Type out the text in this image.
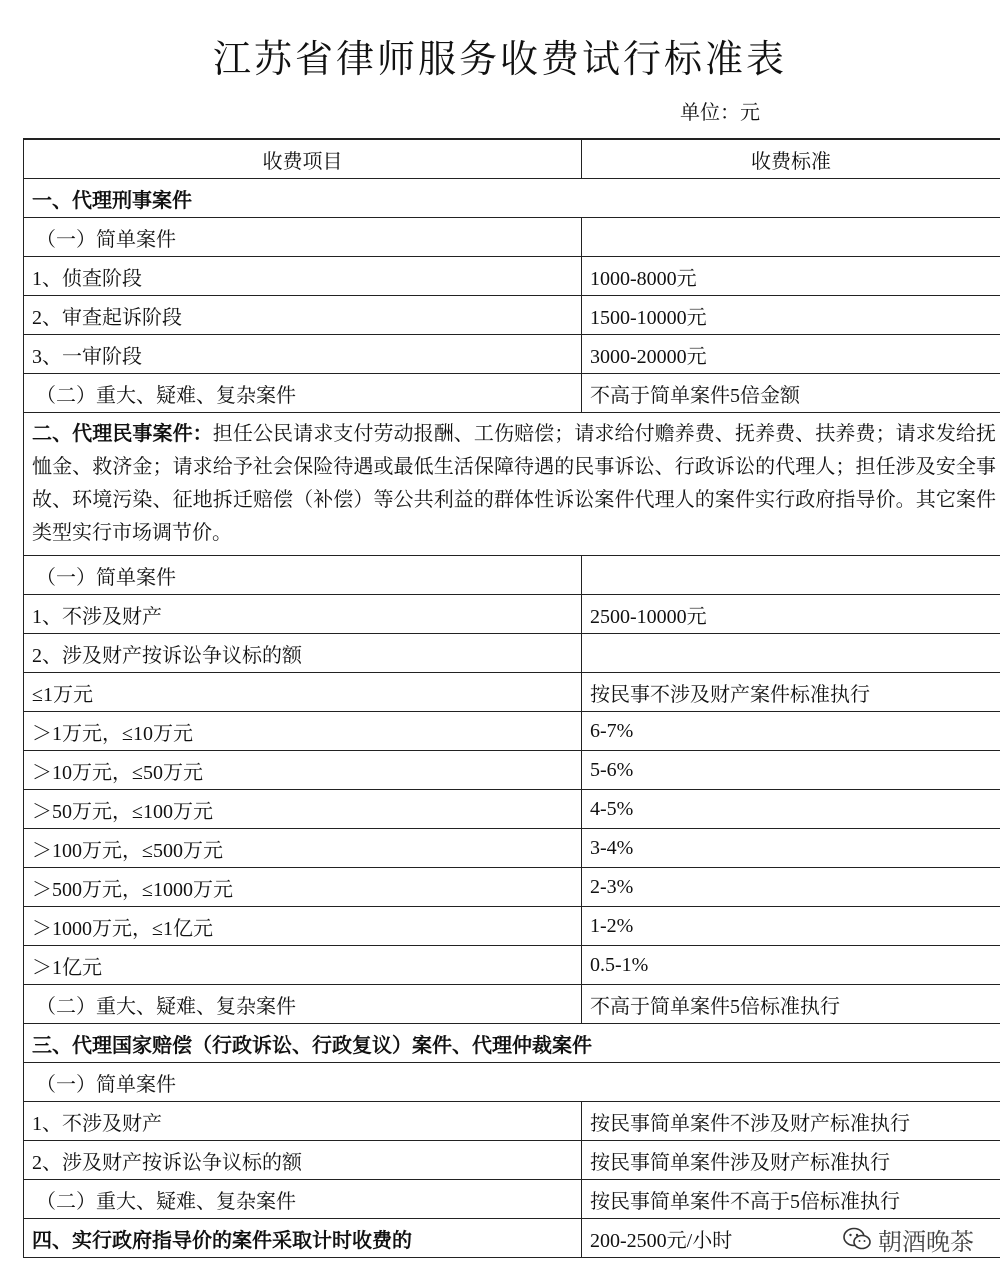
江苏省律师服务收费试行标准表
单位：元
收费项目	收费标准
一、代理刑事案件	
（一）简单案件	
1、侦查阶段	1000-8000元
2、审查起诉阶段	1500-10000元
3、一审阶段	3000-20000元
（二）重大、疑难、复杂案件	不高于简单案件5倍金额
二、代理民事案件：担任公民请求支付劳动报酬、工伤赔偿；请求给付赡养费、抚养费、扶养费；请求发给抚恤金、救济金；请求给予社会保险待遇或最低生活保障待遇的民事诉讼、行政诉讼的代理人；担任涉及安全事故、环境污染、征地拆迁赔偿（补偿）等公共利益的群体性诉讼案件代理人的案件实行政府指导价。其它案件类型实行市场调节价。	
（一）简单案件	
1、不涉及财产	2500-10000元
2、涉及财产按诉讼争议标的额	
≤1万元	按民事不涉及财产案件标准执行
＞1万元，≤10万元	6-7%
＞10万元，≤50万元	5-6%
＞50万元，≤100万元	4-5%
＞100万元，≤500万元	3-4%
＞500万元，≤1000万元	2-3%
＞1000万元，≤1亿元	1-2%
＞1亿元	0.5-1%
（二）重大、疑难、复杂案件	不高于简单案件5倍标准执行
三、代理国家赔偿（行政诉讼、行政复议）案件、代理仲裁案件	
（一）简单案件	
1、不涉及财产	按民事简单案件不涉及财产标准执行
2、涉及财产按诉讼争议标的额	按民事简单案件涉及财产标准执行
（二）重大、疑难、复杂案件	按民事简单案件不高于5倍标准执行
四、实行政府指导价的案件采取计时收费的	200-2500元/小时	朝酒晚茶
